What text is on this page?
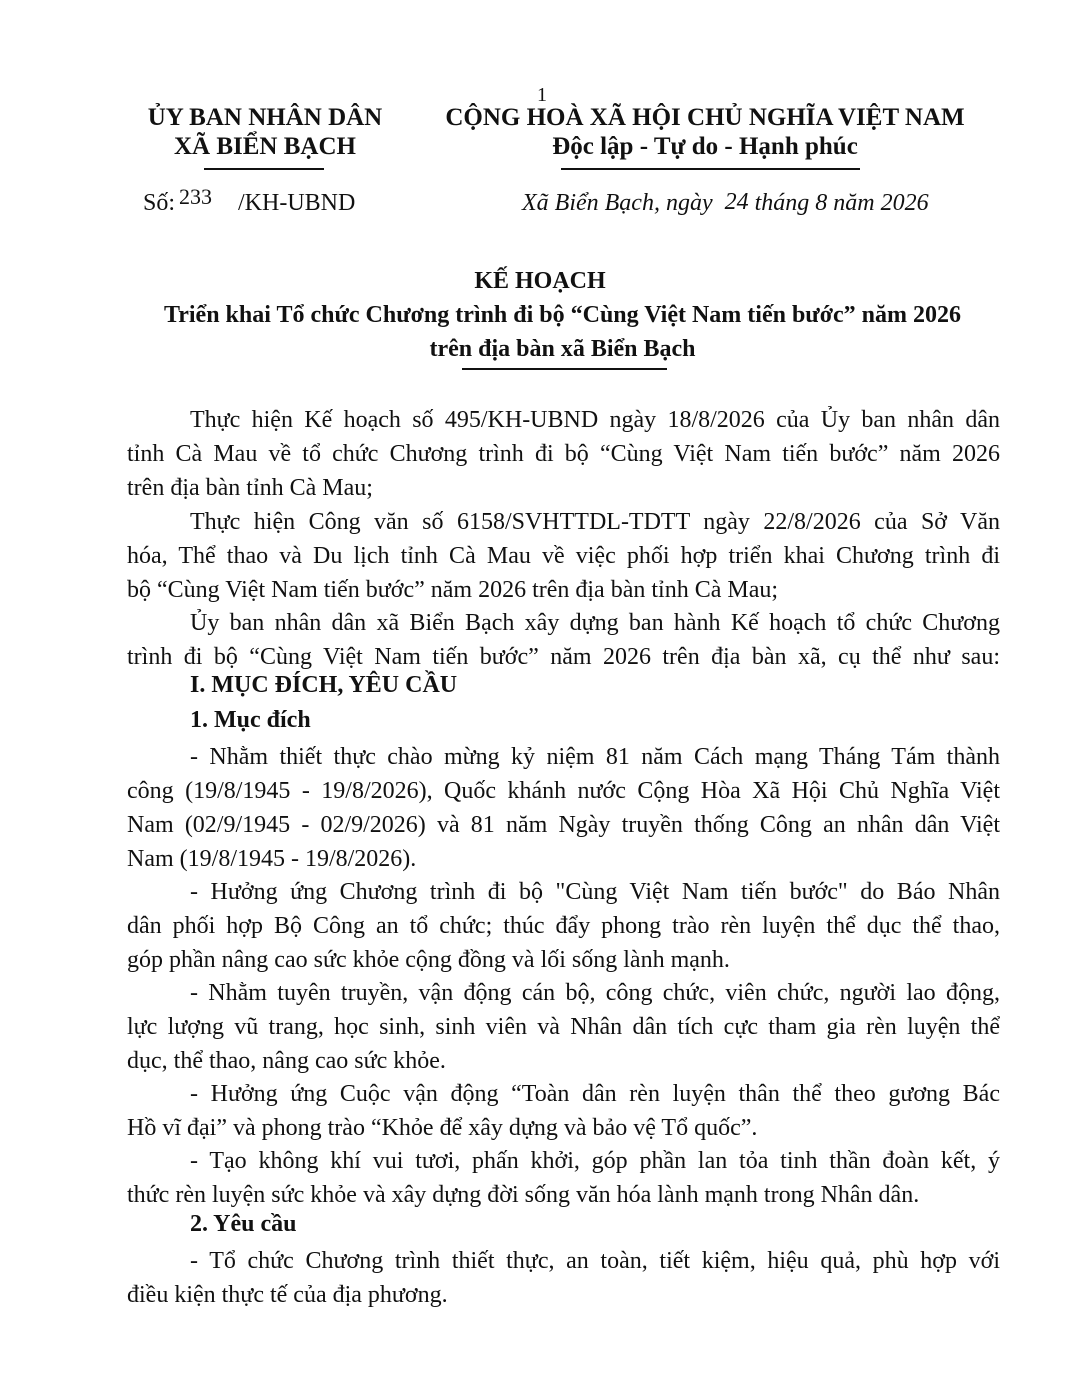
1
ỦY BAN NHÂN DÂN
XÃ BIỂN BẠCH
CỘNG HOÀ XÃ HỘI CHỦ NGHĨA VIỆT NAM
Độc lập - Tự do - Hạnh phúc
Số: 233 /KH-UBND	Xã Biển Bạch, ngày 24 tháng 8 năm 2026
KẾ HOẠCH
Triển khai Tổ chức Chương trình đi bộ “Cùng Việt Nam tiến bước” năm 2026
trên địa bàn xã Biển Bạch
Thực hiện Kế hoạch số 495/KH-UBND ngày 18/8/2026 của Ủy ban nhân dân
tỉnh Cà Mau về tổ chức Chương trình đi bộ “Cùng Việt Nam tiến bước” năm 2026
trên địa bàn tỉnh Cà Mau;
Thực hiện Công văn số 6158/SVHTTDL-TDTT ngày 22/8/2026 của Sở Văn
hóa, Thể thao và Du lịch tỉnh Cà Mau về việc phối hợp triển khai Chương trình đi
bộ “Cùng Việt Nam tiến bước” năm 2026 trên địa bàn tỉnh Cà Mau;
Ủy ban nhân dân xã Biển Bạch xây dựng ban hành Kế hoạch tổ chức Chương
trình đi bộ “Cùng Việt Nam tiến bước” năm 2026 trên địa bàn xã, cụ thể như sau:
I. MỤC ĐÍCH, YÊU CẦU
1. Mục đích
- Nhằm thiết thực chào mừng kỷ niệm 81 năm Cách mạng Tháng Tám thành
công (19/8/1945 - 19/8/2026), Quốc khánh nước Cộng Hòa Xã Hội Chủ Nghĩa Việt
Nam (02/9/1945 - 02/9/2026) và 81 năm Ngày truyền thống Công an nhân dân Việt
Nam (19/8/1945 - 19/8/2026).
- Hưởng ứng Chương trình đi bộ "Cùng Việt Nam tiến bước" do Báo Nhân
dân phối hợp Bộ Công an tổ chức; thúc đẩy phong trào rèn luyện thể dục thể thao,
góp phần nâng cao sức khỏe cộng đồng và lối sống lành mạnh.
- Nhằm tuyên truyền, vận động cán bộ, công chức, viên chức, người lao động,
lực lượng vũ trang, học sinh, sinh viên và Nhân dân tích cực tham gia rèn luyện thể
dục, thể thao, nâng cao sức khỏe.
- Hưởng ứng Cuộc vận động “Toàn dân rèn luyện thân thể theo gương Bác
Hồ vĩ đại” và phong trào “Khỏe để xây dựng và bảo vệ Tổ quốc”.
- Tạo không khí vui tươi, phấn khởi, góp phần lan tỏa tinh thần đoàn kết, ý
thức rèn luyện sức khỏe và xây dựng đời sống văn hóa lành mạnh trong Nhân dân.
2. Yêu cầu
- Tổ chức Chương trình thiết thực, an toàn, tiết kiệm, hiệu quả, phù hợp với
điều kiện thực tế của địa phương.
